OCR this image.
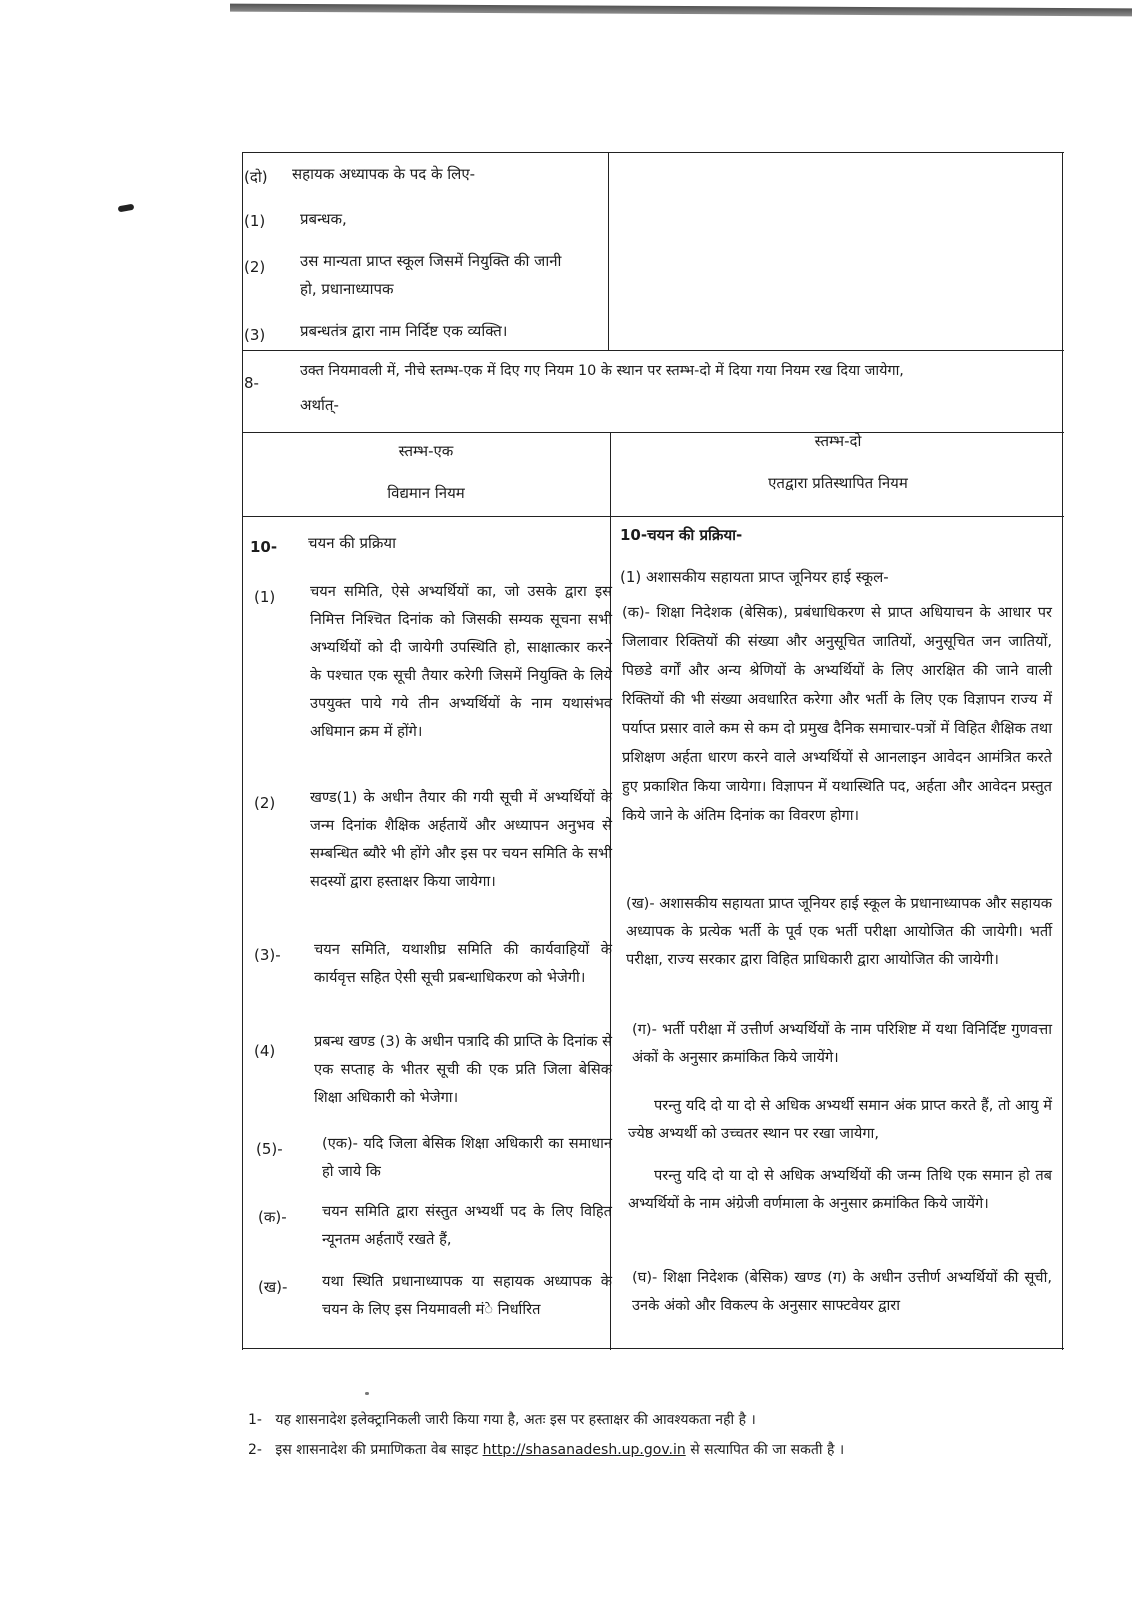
(दो) सहायक अध्यापक के पद के लिए-
(1) प्रबन्धक,
(2) उस मान्यता प्राप्त स्कूल जिसमें नियुक्ति की जानी
हो, प्रधानाध्यापक
(3) प्रबन्धतंत्र द्वारा नाम निर्दिष्ट एक व्यक्ति।
8-
उक्त नियमावली में, नीचे स्तम्भ-एक में दिए गए नियम 10 के स्थान पर स्तम्भ-दो में दिया गया नियम रख दिया जायेगा,
अर्थात्-
स्तम्भ-एक
विद्यमान नियम
स्तम्भ-दो
एतद्वारा प्रतिस्थापित नियम
10- चयन की प्रक्रिया
(1) चयन समिति, ऐसे अभ्यर्थियों का, जो उसके द्वारा इस निमित्त निश्चित दिनांक को जिसकी सम्यक सूचना सभी अभ्यर्थियों को दी जायेगी उपस्थिति हो, साक्षात्कार करने के पश्चात एक सूची तैयार करेगी जिसमें नियुक्ति के लिये उपयुक्त पाये गये तीन अभ्यर्थियों के नाम यथासंभव अधिमान क्रम में होंगे।
(2) खण्ड(1) के अधीन तैयार की गयी सूची में अभ्यर्थियों के जन्म दिनांक शैक्षिक अर्हतायें और अध्यापन अनुभव से सम्बन्धित ब्यौरे भी होंगे और इस पर चयन समिति के सभी सदस्यों द्वारा हस्ताक्षर किया जायेगा।
(3)- चयन समिति, यथाशीघ्र समिति की कार्यवाहियों के कार्यवृत्त सहित ऐसी सूची प्रबन्धाधिकरण को भेजेगी।
(4)
प्रबन्ध खण्ड (3) के अधीन पत्रादि की प्राप्ति के दिनांक से एक सप्ताह के भीतर सूची की एक प्रति जिला बेसिक शिक्षा अधिकारी को भेजेगा।
(5)-	(एक)- यदि जिला बेसिक शिक्षा अधिकारी का समाधान हो जाये कि
(क)- चयन समिति द्वारा संस्तुत अभ्यर्थी पद के लिए विहित न्यूनतम अर्हताएँ रखते हैं,
(ख)- यथा स्थिति प्रधानाध्यापक या सहायक अध्यापक के चयन के लिए इस नियमावली मंे निर्धारित
10-चयन की प्रक्रिया-
(1) अशासकीय सहायता प्राप्त जूनियर हाई स्कूल-
(क)- शिक्षा निदेशक (बेसिक), प्रबंधाधिकरण से प्राप्त अधियाचन के आधार पर जिलावार रिक्तियों की संख्या और अनुसूचित जातियों, अनुसूचित जन जातियों, पिछडे वर्गों और अन्य श्रेणियों के अभ्यर्थियों के लिए आरक्षित की जाने वाली रिक्तियों की भी संख्या अवधारित करेगा और भर्ती के लिए एक विज्ञापन राज्य में पर्याप्त प्रसार वाले कम से कम दो प्रमुख दैनिक समाचार-पत्रों में विहित शैक्षिक तथा प्रशिक्षण अर्हता धारण करने वाले अभ्यर्थियों से आनलाइन आवेदन आमंत्रित करते हुए प्रकाशित किया जायेगा। विज्ञापन में यथास्थिति पद, अर्हता और आवेदन प्रस्तुत किये जाने के अंतिम दिनांक का विवरण होगा।
(ख)- अशासकीय सहायता प्राप्त जूनियर हाई स्कूल के प्रधानाध्यापक और सहायक अध्यापक के प्रत्येक भर्ती के पूर्व एक भर्ती परीक्षा आयोजित की जायेगी। भर्ती परीक्षा, राज्य सरकार द्वारा विहित प्राधिकारी द्वारा आयोजित की जायेगी।
(ग)- भर्ती परीक्षा में उत्तीर्ण अभ्यर्थियों के नाम परिशिष्ट में यथा विनिर्दिष्ट गुणवत्ता अंकों के अनुसार क्रमांकित किये जायेंगे।
परन्तु यदि दो या दो से अधिक अभ्यर्थी समान अंक प्राप्त करते हैं, तो आयु में ज्येष्ठ अभ्यर्थी को उच्चतर स्थान पर रखा जायेगा,
परन्तु यदि दो या दो से अधिक अभ्यर्थियों की जन्म तिथि एक समान हो तब अभ्यर्थियों के नाम अंग्रेजी वर्णमाला के अनुसार क्रमांकित किये जायेंगे।
(घ)- शिक्षा निदेशक (बेसिक) खण्ड (ग) के अधीन उत्तीर्ण अभ्यर्थियों की सूची, उनके अंको और विकल्प के अनुसार साफ्टवेयर द्वारा
1- यह शासनादेश इलेक्ट्रानिकली जारी किया गया है, अतः इस पर हस्ताक्षर की आवश्यकता नही है ।
2- इस शासनादेश की प्रमाणिकता वेब साइट http://shasanadesh.up.gov.in से सत्यापित की जा सकती है ।
